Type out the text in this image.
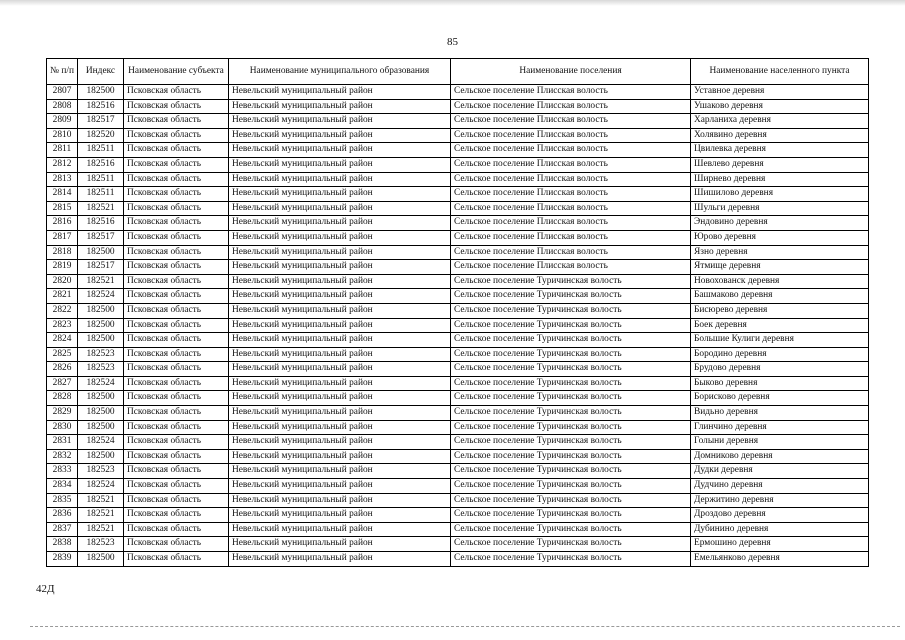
85
№ п/п	Индекс	Наименование субъекта	Наименование муниципального образования	Наименование поселения	Наименование населенного пункта
2807	182500	Псковская область	Невельский муниципальный район	Сельское поселение Плисская волость	Уставное деревня
2808	182516	Псковская область	Невельский муниципальный район	Сельское поселение Плисская волость	Ушаково деревня
2809	182517	Псковская область	Невельский муниципальный район	Сельское поселение Плисская волость	Харланиха деревня
2810	182520	Псковская область	Невельский муниципальный район	Сельское поселение Плисская волость	Холявино деревня
2811	182511	Псковская область	Невельский муниципальный район	Сельское поселение Плисская волость	Цвилевка деревня
2812	182516	Псковская область	Невельский муниципальный район	Сельское поселение Плисская волость	Шевлево деревня
2813	182511	Псковская область	Невельский муниципальный район	Сельское поселение Плисская волость	Ширнево деревня
2814	182511	Псковская область	Невельский муниципальный район	Сельское поселение Плисская волость	Шишилово деревня
2815	182521	Псковская область	Невельский муниципальный район	Сельское поселение Плисская волость	Шульги деревня
2816	182516	Псковская область	Невельский муниципальный район	Сельское поселение Плисская волость	Эндовино деревня
2817	182517	Псковская область	Невельский муниципальный район	Сельское поселение Плисская волость	Юрово деревня
2818	182500	Псковская область	Невельский муниципальный район	Сельское поселение Плисская волость	Язно деревня
2819	182517	Псковская область	Невельский муниципальный район	Сельское поселение Плисская волость	Ятмище деревня
2820	182521	Псковская область	Невельский муниципальный район	Сельское поселение Туричинская волость	Новохованск деревня
2821	182524	Псковская область	Невельский муниципальный район	Сельское поселение Туричинская волость	Башмаково деревня
2822	182500	Псковская область	Невельский муниципальный район	Сельское поселение Туричинская волость	Бисюрево деревня
2823	182500	Псковская область	Невельский муниципальный район	Сельское поселение Туричинская волость	Боек деревня
2824	182500	Псковская область	Невельский муниципальный район	Сельское поселение Туричинская волость	Большие Кулиги деревня
2825	182523	Псковская область	Невельский муниципальный район	Сельское поселение Туричинская волость	Бородино деревня
2826	182523	Псковская область	Невельский муниципальный район	Сельское поселение Туричинская волость	Брудово деревня
2827	182524	Псковская область	Невельский муниципальный район	Сельское поселение Туричинская волость	Быково деревня
2828	182500	Псковская область	Невельский муниципальный район	Сельское поселение Туричинская волость	Борисково деревня
2829	182500	Псковская область	Невельский муниципальный район	Сельское поселение Туричинская волость	Видьно деревня
2830	182500	Псковская область	Невельский муниципальный район	Сельское поселение Туричинская волость	Глинчино деревня
2831	182524	Псковская область	Невельский муниципальный район	Сельское поселение Туричинская волость	Голыни деревня
2832	182500	Псковская область	Невельский муниципальный район	Сельское поселение Туричинская волость	Домниково деревня
2833	182523	Псковская область	Невельский муниципальный район	Сельское поселение Туричинская волость	Дудки деревня
2834	182524	Псковская область	Невельский муниципальный район	Сельское поселение Туричинская волость	Дудчино деревня
2835	182521	Псковская область	Невельский муниципальный район	Сельское поселение Туричинская волость	Держитино деревня
2836	182521	Псковская область	Невельский муниципальный район	Сельское поселение Туричинская волость	Дроздово деревня
2837	182521	Псковская область	Невельский муниципальный район	Сельское поселение Туричинская волость	Дубинино деревня
2838	182523	Псковская область	Невельский муниципальный район	Сельское поселение Туричинская волость	Ермошино деревня
2839	182500	Псковская область	Невельский муниципальный район	Сельское поселение Туричинская волость	Емельянково деревня
42Д
